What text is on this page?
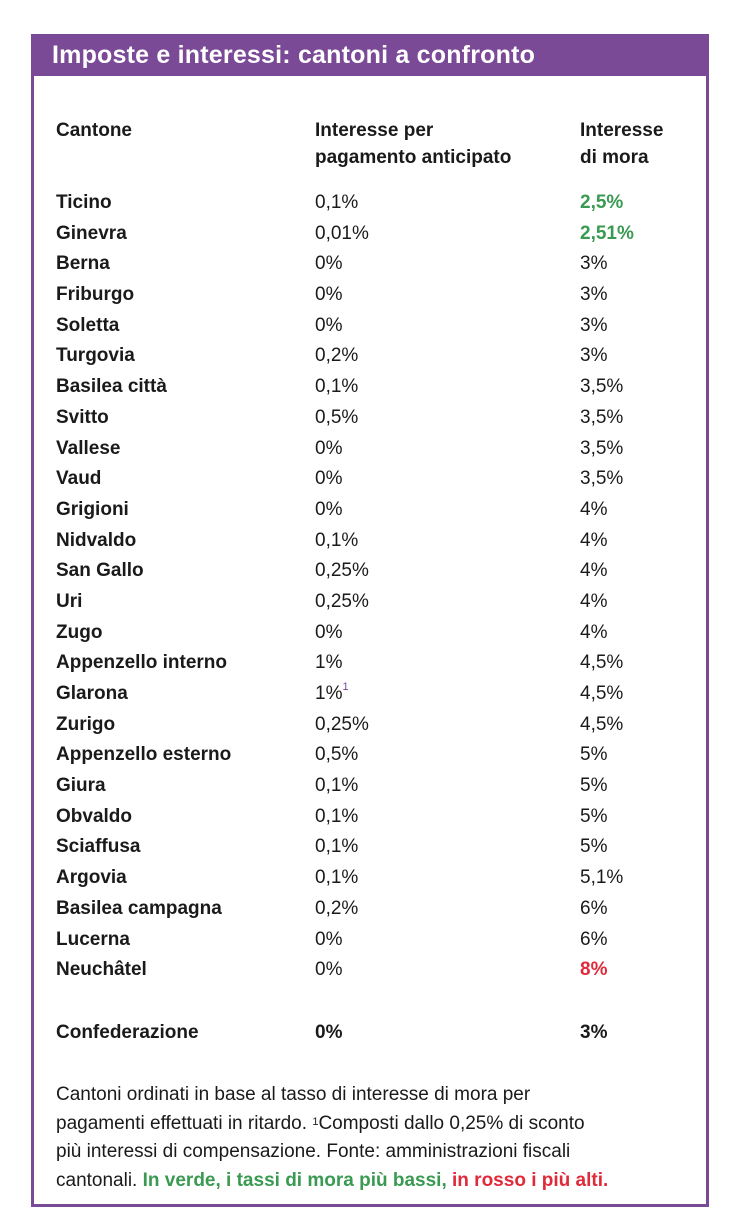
Imposte e interessi: cantoni a confronto
Cantone	Interesse per
pagamento anticipato
Interesse
di mora
Ticino	0,1%	2,5%
Ginevra	0,01%	2,51%
Berna	0%	3%
Friburgo	0%	3%
Soletta	0%	3%
Turgovia	0,2%	3%
Basilea città	0,1%	3,5%
Svitto	0,5%	3,5%
Vallese	0%	3,5%
Vaud	0%	3,5%
Grigioni	0%	4%
Nidvaldo	0,1%	4%
San Gallo	0,25%	4%
Uri	0,25%	4%
Zugo	0%	4%
Appenzello interno	1%	4,5%
Glarona	1%$^1$	4,5%
Zurigo	0,25%	4,5%
Appenzello esterno	0,5%	5%
Giura	0,1%	5%
Obvaldo	0,1%	5%
Sciaffusa	0,1%	5%
Argovia	0,1%	5,1%
Basilea campagna	0,2%	6%
Lucerna	0%	6%
Neuchâtel	0%	8%
Confederazione	0%	3%
Cantoni ordinati in base al tasso di interesse di mora per
pagamenti effettuati in ritardo. $^1$Composti dallo 0,25% di sconto
più interessi di compensazione. Fonte: amministrazioni fiscali
cantonali. In verde, i tassi di mora più bassi, in rosso i più alti.
